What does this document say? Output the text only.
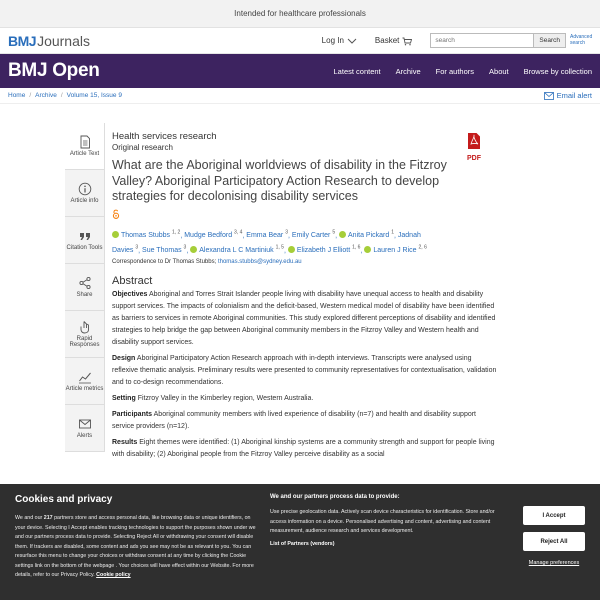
Intended for healthcare professionals
BMJ Journals	Log In	Basket
search	Search	Advanced search
BMJ Open	Latest content Archive For authors About Browse by collection
Home / Archive / Volume 15, Issue 9	Email alert
Article Text
Article info
Citation Tools
Share
Rapid Responses
Article metrics
Alerts
PDF
Health services research
Original research
What are the Aboriginal worldviews of disability in the Fitzroy Valley? Aboriginal Participatory Action Research to develop strategies for decolonising disability services
Thomas Stubbs $^{1, 2}$, Mudge Bedford $^{3, 4}$, Emma Bear $^3$, Emily Carter $^5$, Anita Pickard $^1$, Jadnah Davies $^3$, Sue Thomas $^3$, Alexandra L C Martiniuk $^{1, 5}$, Elizabeth J Elliott $^{1, 6}$, Lauren J Rice $^{2, 6}$
Correspondence to Dr Thomas Stubbs; thomas.stubbs@sydney.edu.au
Abstract
Objectives Aboriginal and Torres Strait Islander people living with disability have unequal access to health and disability support services. The impacts of colonialism and the deficit-based, Western medical model of disability have been identified as barriers to services in remote Aboriginal communities. This study explored different perceptions of disability and identified strategies to help bridge the gap between Aboriginal community members in the Fitzroy Valley and Western health and disability support services.
Design Aboriginal Participatory Action Research approach with in-depth interviews. Transcripts were analysed using reflexive thematic analysis. Preliminary results were presented to community representatives for contextualisation, validation and to co-design recommendations.
Setting Fitzroy Valley in the Kimberley region, Western Australia.
Participants Aboriginal community members with lived experience of disability (n=7) and health and disability support service providers (n=12).
Results Eight themes were identified: (1) Aboriginal kinship systems are a community strength and support for people living with disability; (2) Aboriginal people from the Fitzroy Valley perceive disability as a social
Cookies and privacy
We and our 217 partners store and access personal data, like browsing data or unique identifiers, on your device. Selecting I Accept enables tracking technologies to support the purposes shown under we and our partners process data to provide. Selecting Reject All or withdrawing your consent will disable them. If trackers are disabled, some content and ads you see may not be as relevant to you. You can resurface this menu to change your choices or withdraw consent at any time by clicking the Cookie settings link on the bottom of the webpage . Your choices will have effect within our Website. For more details, refer to our Privacy Policy. Cookie policy
We and our partners process data to provide:
Use precise geolocation data. Actively scan device characteristics for identification. Store and/or access information on a device. Personalised advertising and content, advertising and content measurement, audience research and services development.
List of Partners (vendors)
I Accept
Reject All
Manage preferences
